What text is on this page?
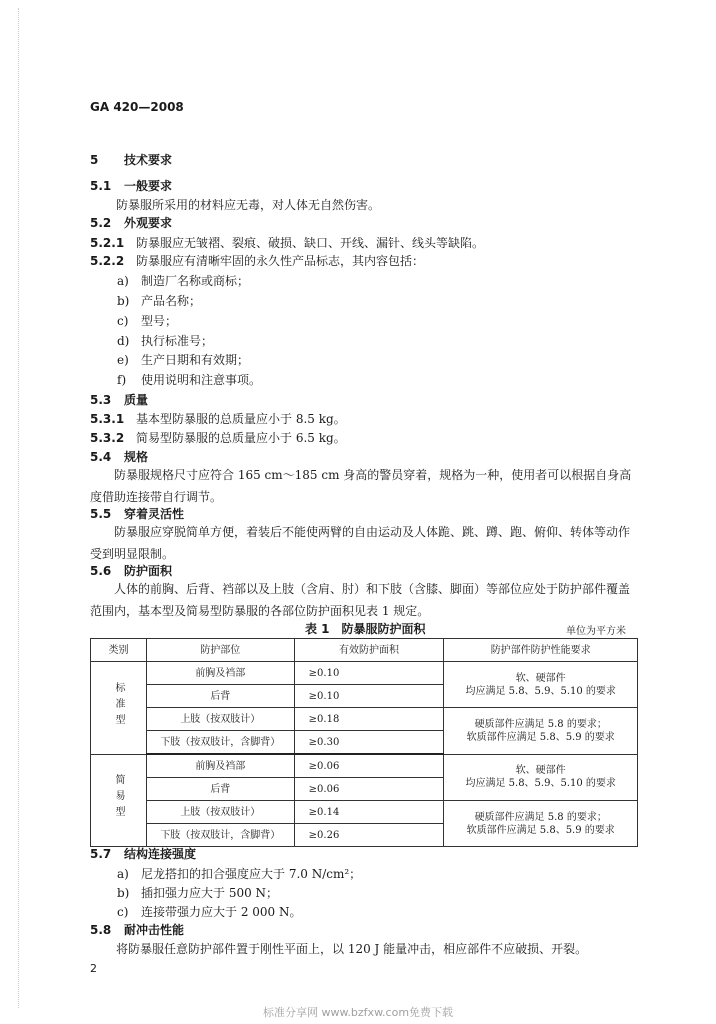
GA 420—2008
5 技术要求
5.1 一般要求
防暴服所采用的材料应无毒，对人体无自然伤害。
5.2 外观要求
5.2.1 防暴服应无皱褶、裂痕、破损、缺口、开线、漏针、线头等缺陷。
5.2.2 防暴服应有清晰牢固的永久性产品标志，其内容包括：
a) 制造厂名称或商标；
b) 产品名称；
c) 型号；
d) 执行标准号；
e) 生产日期和有效期；
f) 使用说明和注意事项。
5.3 质量
5.3.1 基本型防暴服的总质量应小于 8.5 kg。
5.3.2 简易型防暴服的总质量应小于 6.5 kg。
5.4 规格
防暴服规格尺寸应符合 165 cm～185 cm 身高的警员穿着，规格为一种，使用者可以根据自身高度借助连接带自行调节。
5.5 穿着灵活性
防暴服应穿脱简单方便，着装后不能使两臂的自由运动及人体跪、跳、蹲、跑、俯仰、转体等动作受到明显限制。
5.6 防护面积
人体的前胸、后背、裆部以及上肢（含肩、肘）和下肢（含膝、脚面）等部位应处于防护部件覆盖范围内，基本型及简易型防暴服的各部位防护面积见表 1 规定。
表 1　防暴服防护面积	单位为平方米
类别	防护部位	有效防护面积	防护部件防护性能要求
标准型	前胸及裆部	≥0.10	软、硬部件
均应满足 5.8、5.9、5.10 的要求

	后背	≥0.10	
	上肢（按双肢计）	≥0.18	硬质部件应满足 5.8 的要求；
软质部件应满足 5.8、5.9 的要求

	下肢（按双肢计，含脚背）	≥0.30	
简易型	前胸及裆部	≥0.06	软、硬部件
均应满足 5.8、5.9、5.10 的要求

	后背	≥0.06	
	上肢（按双肢计）	≥0.14	硬质部件应满足 5.8 的要求；
软质部件应满足 5.8、5.9 的要求

	下肢（按双肢计，含脚背）	≥0.26	
5.7 结构连接强度
a) 尼龙搭扣的扣合强度应大于 7.0 N/cm²；
b) 插扣强力应大于 500 N；
c) 连接带强力应大于 2 000 N。
5.8 耐冲击性能
将防暴服任意防护部件置于刚性平面上，以 120 J 能量冲击，相应部件不应破损、开裂。
2
标准分享网 www.bzfxw.com免费下载
